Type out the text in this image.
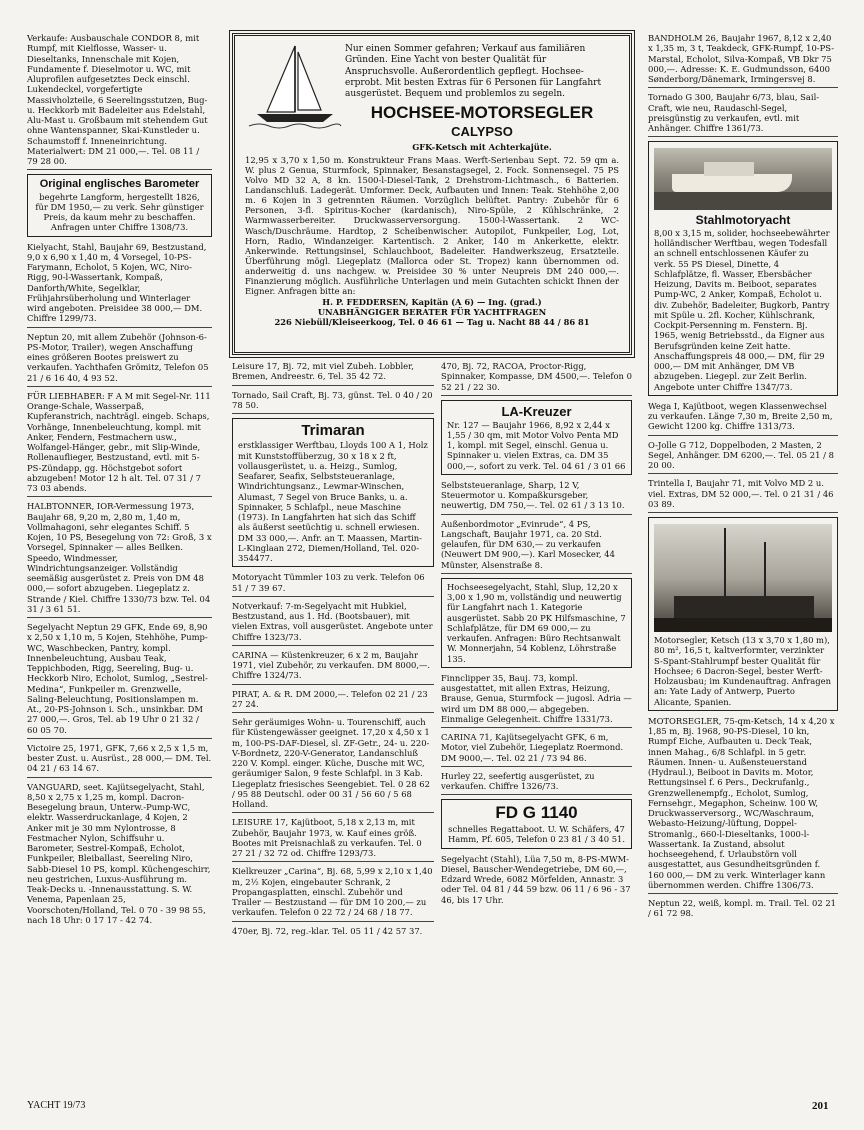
Verkaufe: Ausbauschale CONDOR 8, mit Rumpf, mit Kielflosse, Wasser- u. Dieseltanks, Innenschale mit Kojen, Fundamente f. Dieselmotor u. WC, mit Aluprofilen aufgesetztes Deck einschl. Lukendeckel, vorgefertigte Massivholzteile, 6 Seerelingsstutzen, Bug- u. Heckkorb mit Badeleiter aus Edelstahl, Alu-Mast u. Großbaum mit stehendem Gut ohne Wantenspanner, Skai-Kunstleder u. Schaumstoff f. Inneneinrichtung. Materialwert: DM 21 000,—. Tel. 08 11 / 79 28 00.
Original englisches Barometer
begehrte Langform, hergestellt 1826, für DM 1950,— zu verk. Sehr günstiger Preis, da kaum mehr zu beschaffen. Anfragen unter Chiffre 1308/73.
Kielyacht, Stahl, Baujahr 69, Bestzustand, 9,0 x 6,90 x 1,40 m, 4 Vorsegel, 10-PS-Farymann, Echolot, 5 Kojen, WC, Niro-Rigg, 90-l-Wassertank, Kompaß, Danforth/White, Segelklar, Frühjahrsüberholung und Winterlager wird angeboten. Preisidee 38 000,— DM. Chiffre 1299/73.
Neptun 20, mit allem Zubehör (Johnson-6-PS-Motor, Trailer), wegen Anschaffung eines größeren Bootes preiswert zu verkaufen. Yachthafen Grömitz, Telefon 05 21 / 6 16 40, 4 93 52.
FÜR LIEBHABER: F A M mit Segel-Nr. 111 Orange-Schale, Wasserpaß, Kupferanstrich, nachträgl. eingeb. Schaps, Vorhänge, Innenbeleuchtung, kompl. mit Anker, Fendern, Festmachern usw., Wolfangel-Hänger, gebr., mit Slip-Winde, Rollenauflieger, Bestzustand, evtl. mit 5-PS-Zündapp, gg. Höchstgebot sofort abzugeben! Motor 12 h alt. Tel. 07 31 / 7 73 03 abends.
HALBTONNER, IOR-Vermessung 1973, Baujahr 68, 9,20 m, 2,80 m, 1,40 m, Vollmahagoni, sehr elegantes Schiff. 5 Kojen, 10 PS, Besegelung von 72: Groß, 3 x Vorsegel, Spinnaker — alles Beilken. Speedo, Windmesser, Windrichtungsanzeiger. Vollständig seemäßig ausgerüstet z. Preis von DM 48 000,— sofort abzugeben. Liegeplatz z. Strande / Kiel. Chiffre 1330/73 bzw. Tel. 04 31 / 3 61 51.
Segelyacht Neptun 29 GFK, Ende 69, 8,90 x 2,50 x 1,10 m, 5 Kojen, Stehhöhe, Pump-WC, Waschbecken, Pantry, kompl. Innenbeleuchtung, Ausbau Teak, Teppichboden, Rigg, Seereling, Bug- u. Heckkorb Niro, Echolot, Sumlog, „Sestrel-Medina“, Funkpeiler m. Grenzwelle, Saling-Beleuchtung, Positionslampen m. At., 20-PS-Johnson i. Sch., unsinkbar. DM 27 000,—. Gros, Tel. ab 19 Uhr 0 21 32 / 60 05 70.
Victoire 25, 1971, GFK, 7,66 x 2,5 x 1,5 m, bester Zust. u. Ausrüst., 28 000,— DM. Tel. 04 21 / 63 14 67.
VANGUARD, seet. Kajütsegelyacht, Stahl, 8,50 x 2,75 x 1,25 m, kompl. Dacron-Besegelung braun, Unterw.-Pump-WC, elektr. Wasserdruckanlage, 4 Kojen, 2 Anker mit je 30 mm Nylontrosse, 8 Festmacher Nylon, Schiffsuhr u. Barometer, Sestrel-Kompaß, Echolot, Funkpeiler, Bleiballast, Seereling Niro, Sabb-Diesel 10 PS, kompl. Küchengeschirr, neu gestrichen, Luxus-Ausführung m. Teak-Decks u. -Innenausstattung. S. W. Venema, Papenlaan 25, Voorschoten/Holland, Tel. 0 70 - 39 98 55, nach 18 Uhr: 0 17 17 - 42 74.
Nur einen Sommer gefahren; Verkauf aus familiären Gründen. Eine Yacht von bester Qualität für Anspruchsvolle. Außerordentlich gepflegt. Hochsee-erprobt. Mit besten Extras für 6 Personen für Langfahrt ausgerüstet. Bequem und problemlos zu segeln.
HOCHSEE-MOTORSEGLER
CALYPSO
GFK-Ketsch mit Achterkajüte.
12,95 x 3,70 x 1,50 m. Konstrukteur Frans Maas. Werft-Serienbau Sept. 72. 59 qm a. W. plus 2 Genua, Sturmfock, Spinnaker, Besanstagsegel, 2. Fock. Sonnensegel. 75 PS Volvo MD 32 A, 8 kn. 1500-l-Diesel-Tank, 2 Drehstrom-Lichtmasch., 6 Batterien. Landanschluß. Ladegerät. Umformer. Deck, Aufbauten und Innen: Teak. Stehhöhe 2,00 m. 6 Kojen in 3 getrennten Räumen. Vorzüglich belüftet. Pantry: Zubehör für 6 Personen, 3-fl. Spiritus-Kocher (kardanisch), Niro-Spüle, 2 Kühlschränke, 2 Warmwasserbereiter. Druckwasserversorgung. 1500-l-Wassertank. 2 WC-Wasch/Duschräume. Hardtop, 2 Scheibenwischer. Autopilot, Funkpeiler, Log, Lot, Horn, Radio, Windanzeiger. Kartentisch. 2 Anker, 140 m Ankerkette, elektr. Ankerwinde. Rettungsinsel, Schlauchboot, Badeleiter. Handwerkszeug, Ersatzteile. Überführung mögl. Liegeplatz (Mallorca oder St. Tropez) kann übernommen od. anderweitig d. uns nachgew. w. Preisidee 30 % unter Neupreis DM 240 000,—. Finanzierung möglich. Ausführliche Unterlagen und mein Gutachten schickt Ihnen der Eigner. Anfragen bitte an:
H. P. FEDDERSEN, Kapitän (A 6) — Ing. (grad.)
UNABHÄNGIGER BERATER FÜR YACHTFRAGEN
226 Niebüll/Kleiseerkoog, Tel. 0 46 61 — Tag u. Nacht 88 44 / 86 81
Leisure 17, Bj. 72, mit viel Zubeh. Lobbler, Bremen, Andreestr. 6, Tel. 35 42 72.
Tornado, Sail Craft, Bj. 73, günst. Tel. 0 40 / 20 78 50.
Trimaran
erstklassiger Werftbau, Lloyds 100 A 1, Holz mit Kunststoffüberzug, 30 x 18 x 2 ft, vollausgerüstet, u. a. Heizg., Sumlog, Seafarer, Seafix, Selbststeueranlage, Windrichtungsanz., Lewmar-Winschen, Alumast, 7 Segel von Bruce Banks, u. a. Spinnaker, 5 Schlafpl., neue Maschine (1973). In Langfahrten hat sich das Schiff als äußerst seetüchtig u. schnell erwiesen. DM 33 000,—. Anfr. an T. Maassen, Martin-L-Kinglaan 272, Diemen/Holland, Tel. 020-354477.
Motoryacht Tümmler 103 zu verk. Telefon 06 51 / 7 39 67.
Notverkauf: 7-m-Segelyacht mit Hubkiel, Bestzustand, aus 1. Hd. (Bootsbauer), mit vielen Extras, voll ausgerüstet. Angebote unter Chiffre 1323/73.
CARINA — Küstenkreuzer, 6 x 2 m, Baujahr 1971, viel Zubehör, zu verkaufen. DM 8000,—. Chiffre 1324/73.
PIRAT, A. & R. DM 2000,—. Telefon 02 21 / 23 27 24.
Sehr geräumiges Wohn- u. Tourenschiff, auch für Küstengewässer geeignet. 17,20 x 4,50 x 1 m, 100-PS-DAF-Diesel, sl. ZF-Getr., 24- u. 220-V-Bordnetz, 220-V-Generator, Landanschluß 220 V. Kompl. einger. Küche, Dusche mit WC, geräumiger Salon, 9 feste Schlafpl. in 3 Kab. Liegeplatz friesisches Seengebiet. Tel. 0 28 62 / 95 88 Deutschl. oder 00 31 / 56 60 / 5 68 Holland.
LEISURE 17, Kajütboot, 5,18 x 2,13 m, mit Zubehör, Baujahr 1973, w. Kauf eines größ. Bootes mit Preisnachlaß zu verkaufen. Tel. 0 27 21 / 32 72 od. Chiffre 1293/73.
Kielkreuzer „Carina“, Bj. 68, 5,99 x 2,10 x 1,40 m, 2½ Kojen, eingebauter Schrank, 2 Propangasplatten, einschl. Zubehör und Trailer — Bestzustand — für DM 10 200,— zu verkaufen. Telefon 0 22 72 / 24 68 / 18 77.
470er, Bj. 72, reg.-klar. Tel. 05 11 / 42 57 37.
470, Bj. 72, RACOA, Proctor-Rigg, Spinnaker, Kompasse, DM 4500,—. Telefon 0 52 21 / 22 30.
LA-Kreuzer
Nr. 127 — Baujahr 1966, 8,92 x 2,44 x 1,55 / 30 qm, mit Motor Volvo Penta MD 1, kompl. mit Segel, einschl. Genua u. Spinnaker u. vielen Extras, ca. DM 35 000,—, sofort zu verk. Tel. 04 61 / 3 01 66
Selbststeueranlage, Sharp, 12 V, Steuermotor u. Kompaßkursgeber, neuwertig, DM 750,—. Tel. 02 61 / 3 13 10.
Außenbordmotor „Evinrude“, 4 PS, Langschaft, Baujahr 1971, ca. 20 Std. gelaufen, für DM 630,— zu verkaufen (Neuwert DM 900,—). Karl Mosecker, 44 Münster, Alsenstraße 8.
Hochseesegelyacht, Stahl, Slup, 12,20 x 3,00 x 1,90 m, vollständig und neuwertig für Langfahrt nach 1. Kategorie ausgerüstet. Sabb 20 PK Hilfsmaschine, 7 Schlafplätze, für DM 69 000,— zu verkaufen. Anfragen: Büro Rechtsanwalt W. Monnerjahn, 54 Koblenz, Löhrstraße 135.
Finnclipper 35, Bauj. 73, kompl. ausgestattet, mit allen Extras, Heizung, Brause, Genua, Sturmfock — jugosl. Adria — wird um DM 88 000,— abgegeben. Einmalige Gelegenheit. Chiffre 1331/73.
CARINA 71, Kajütsegelyacht GFK, 6 m, Motor, viel Zubehör, Liegeplatz Roermond. DM 9000,—. Tel. 02 21 / 73 94 86.
Hurley 22, seefertig ausgerüstet, zu verkaufen. Chiffre 1326/73.
FD G 1140
schnelles Regattaboot. U. W. Schäfers, 47 Hamm, Pf. 605, Telefon 0 23 81 / 3 40 51.
Segelyacht (Stahl), Lüa 7,50 m, 8-PS-MWM-Diesel, Bauscher-Wendegetriebe, DM 60,—, Edzard Wrede, 6082 Mörfelden, Annastr. 3 oder Tel. 04 81 / 44 59 bzw. 06 11 / 6 96 - 37 46, bis 17 Uhr.
BANDHOLM 26, Baujahr 1967, 8,12 x 2,40 x 1,35 m, 3 t, Teakdeck, GFK-Rumpf, 10-PS-Marstal, Echolot, Silva-Kompaß, VB Dkr 75 000,—. Adresse: K. E. Gudmundsson, 6400 Sønderborg/Dänemark, Irmingersvej 8.
Tornado G 300, Baujahr 6/73, blau, Sail-Craft, wie neu, Raudaschl-Segel, preisgünstig zu verkaufen, evtl. mit Anhänger. Chiffre 1361/73.
Stahlmotoryacht
8,00 x 3,15 m, solider, hochseebewährter holländischer Werftbau, wegen Todesfall an schnell entschlossenen Käufer zu verk. 55 PS Diesel, Dinette, 4 Schlafplätze, fl. Wasser, Ebersbächer Heizung, Davits m. Beiboot, separates Pump-WC, 2 Anker, Kompaß, Echolot u. div. Zubehör, Badeleiter, Bugkorb, Pantry mit Spüle u. 2fl. Kocher, Kühlschrank, Cockpit-Persenning m. Fenstern. Bj. 1965, wenig Betriebsstd., da Eigner aus Berufsgründen keine Zeit hatte. Anschaffungspreis 48 000,— DM, für 29 000,— DM mit Anhänger, DM VB abzugeben. Liegepl. zur Zeit Berlin. Angebote unter Chiffre 1347/73.
Wega I, Kajütboot, wegen Klassenwechsel zu verkaufen. Länge 7,30 m, Breite 2,50 m, Gewicht 1200 kg. Chiffre 1313/73.
O-Jolle G 712, Doppelboden, 2 Masten, 2 Segel, Anhänger. DM 6200,—. Tel. 05 21 / 8 20 00.
Trintella I, Baujahr 71, mit Volvo MD 2 u. viel. Extras, DM 52 000,—. Tel. 0 21 31 / 46 03 89.
Motorsegler, Ketsch (13 x 3,70 x 1,80 m), 80 m², 16,5 t, kaltverformter, verzinkter S-Spant-Stahlrumpf bester Qualität für Hochsee; 6 Dacron-Segel, bester Werft-Holzausbau; im Kundenauftrag. Anfragen an: Yate Lady of Antwerp, Puerto Alicante, Spanien.
MOTORSEGLER, 75-qm-Ketsch, 14 x 4,20 x 1,85 m, Bj. 1968, 90-PS-Diesel, 10 kn, Rumpf Eiche, Aufbauten u. Deck Teak, innen Mahag., 6/8 Schlafpl. in 5 getr. Räumen. Innen- u. Außensteuerstand (Hydraul.), Beiboot in Davits m. Motor, Rettungsinsel f. 6 Pers., Deckrufanlg., Grenzwellenempfg., Echolot, Sumlog, Fernsehgr., Megaphon, Scheinw. 100 W, Druckwasserversorg., WC/Waschraum, Webasto-Heizung/-lüftung, Doppel-Stromanlg., 660-l-Dieseltanks, 1000-l-Wassertank. Ia Zustand, absolut hochseegehend, f. Urlaubstörn voll ausgestattet, aus Gesundheitsgründen f. 160 000,— DM zu verk. Winterlager kann übernommen werden. Chiffre 1306/73.
Neptun 22, weiß, kompl. m. Trail. Tel. 02 21 / 61 72 98.
YACHT 19/73	201
